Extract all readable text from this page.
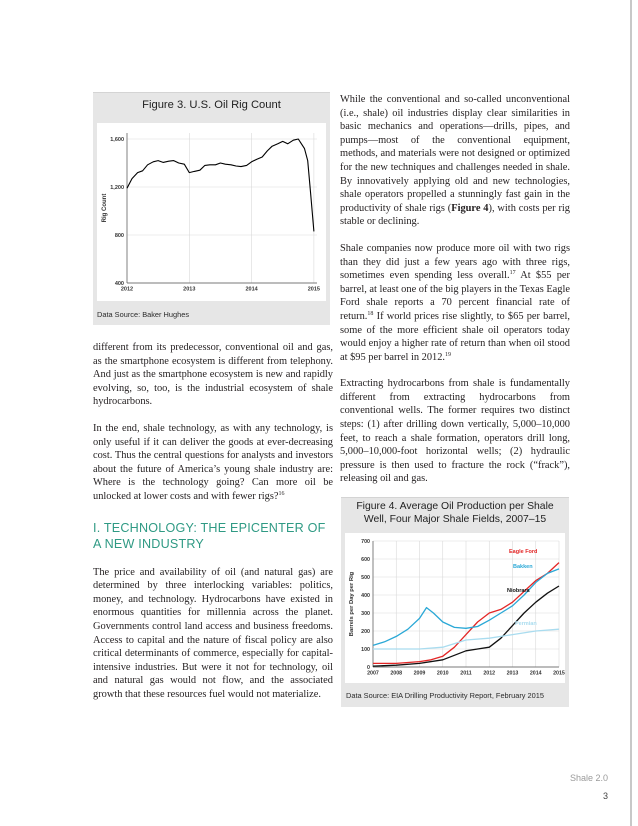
Figure 3. U.S. Oil Rig Count
400
800
1,200
1,600
2012	2013	2014	2015
Rig Count
Data Source: Baker Hughes

different from its predecessor, conventional oil and gas, as the smartphone ecosystem is different from telephony. And just as the smartphone ecosystem is new and rapidly evolving, so, too, is the industrial ecosystem of shale hydrocarbons.

In the end, shale technology, as with any technology, is only useful if it can deliver the goods at ever-decreasing cost. Thus the central questions for analysts and investors about the future of America’s young shale industry are: Where is the technology going? Can more oil be unlocked at lower costs and with fewer rigs?$^{16}$

I. TECHNOLOGY: THE EPICENTER OF A NEW INDUSTRY

The price and availability of oil (and natural gas) are determined by three interlocking variables: politics, money, and technology. Hydrocarbons have existed in enormous quantities for millennia across the planet. Governments control land access and business freedoms. Access to capital and the nature of fiscal policy are also critical determinants of commerce, especially for capital-intensive industries. But were it not for technology, oil and natural gas would not flow, and the associated growth that these resources fuel would not materialize.

While the conventional and so-called unconventional (i.e., shale) oil industries display clear similarities in basic mechanics and operations—drills, pipes, and pumps—most of the conventional equipment, methods, and materials were not designed or optimized for the new techniques and challenges needed in shale. By innovatively applying old and new technologies, shale operators propelled a stunningly fast gain in the productivity of shale rigs (Figure 4), with costs per rig stable or declining.

Shale companies now produce more oil with two rigs than they did just a few years ago with three rigs, sometimes even spending less overall.$^{17}$ At $55 per barrel, at least one of the big players in the Texas Eagle Ford shale reports a 70 percent financial rate of return.$^{18}$ If world prices rise slightly, to $65 per barrel, some of the more efficient shale oil operators today would enjoy a higher rate of return than when oil stood at $95 per barrel in 2012.19

Extracting hydrocarbons from shale is fundamentally different from extracting hydrocarbons from conventional wells. The former requires two distinct steps: (1) after drilling down vertically, 5,000–10,000 feet, to reach a shale formation, operators drill long, 5,000–10,000-foot horizontal wells; (2) hydraulic pressure is then used to fracture the rock (“frack”), releasing oil and gas.

Figure 4. Average Oil Production per Shale
Well, Four Major Shale Fields, 2007–15
0
100
200
300
400
500
600
700
2007 2008 2009 2010 2011 2012 2013 2014 2015
Barrels per Day per Rig
Eagle Ford
Bakken
Niobrara
Permian
Data Source: EIA Drilling Productivity Report, February 2015
Shale 2.0
3
